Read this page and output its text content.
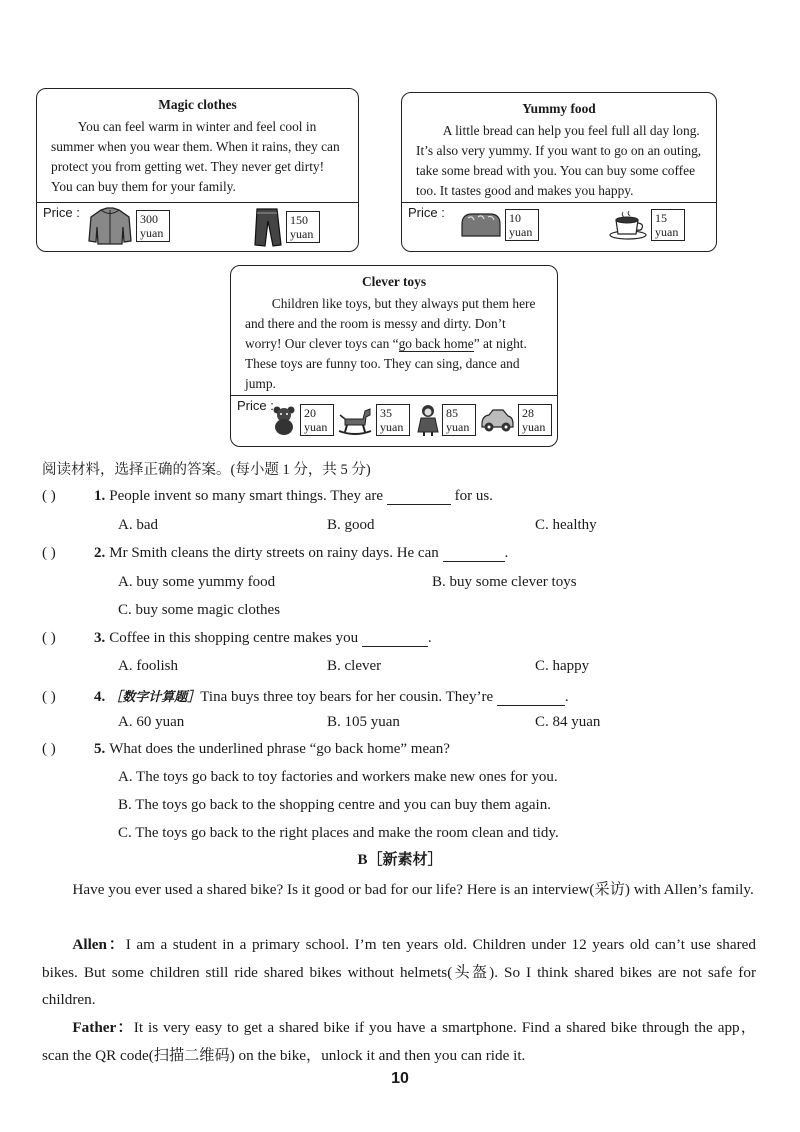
Magic clothes
You can feel warm in winter and feel cool in summer when you wear them. When it rains, they can protect you from getting wet. They never get dirty! You can buy them for your family.
Price :	300
yuan
150
yuan
Yummy food
A little bread can help you feel full all day long. It’s also very yummy. If you want to go on an outing, take some bread with you. You can buy some coffee too. It tastes good and makes you happy.
Price :	10
yuan
15
yuan
Clever toys
Children like toys, but they always put them here and there and the room is messy and dirty. Don’t worry! Our clever toys can “go back home” at night. These toys are funny too. They can sing, dance and jump.
Price :	20
yuan
35
yuan
85
yuan
28
yuan
阅读材料，选择正确的答案。(每小题 1 分，共 5 分)
( )	1. People invent so many smart things. They are	for us.
A. bad	B. good	C. healthy
( )	2. Mr Smith cleans the dirty streets on rainy days. He can	.
A. buy some yummy food	B. buy some clever toys
C. buy some magic clothes
( )	3. Coffee in this shopping centre makes you	.
A. foolish	B. clever	C. happy
( )	4. ［数字计算题］Tina buys three toy bears for her cousin. They’re	.
A. 60 yuan	B. 105 yuan	C. 84 yuan
( )	5. What does the underlined phrase “go back home” mean?
A. The toys go back to toy factories and workers make new ones for you.
B. The toys go back to the shopping centre and you can buy them again.
C. The toys go back to the right places and make the room clean and tidy.
B［新素材］
Have you ever used a shared bike? Is it good or bad for our life? Here is an interview(采访) with Allen’s family.
Allen：I am a student in a primary school. I’m ten years old. Children under 12 years old can’t use shared bikes. But some children still ride shared bikes without helmets(头盔). So I think shared bikes are not safe for children.
Father：It is very easy to get a shared bike if you have a smartphone. Find a shared bike through the app，scan the QR code(扫描二维码) on the bike，unlock it and then you can ride it.
10
